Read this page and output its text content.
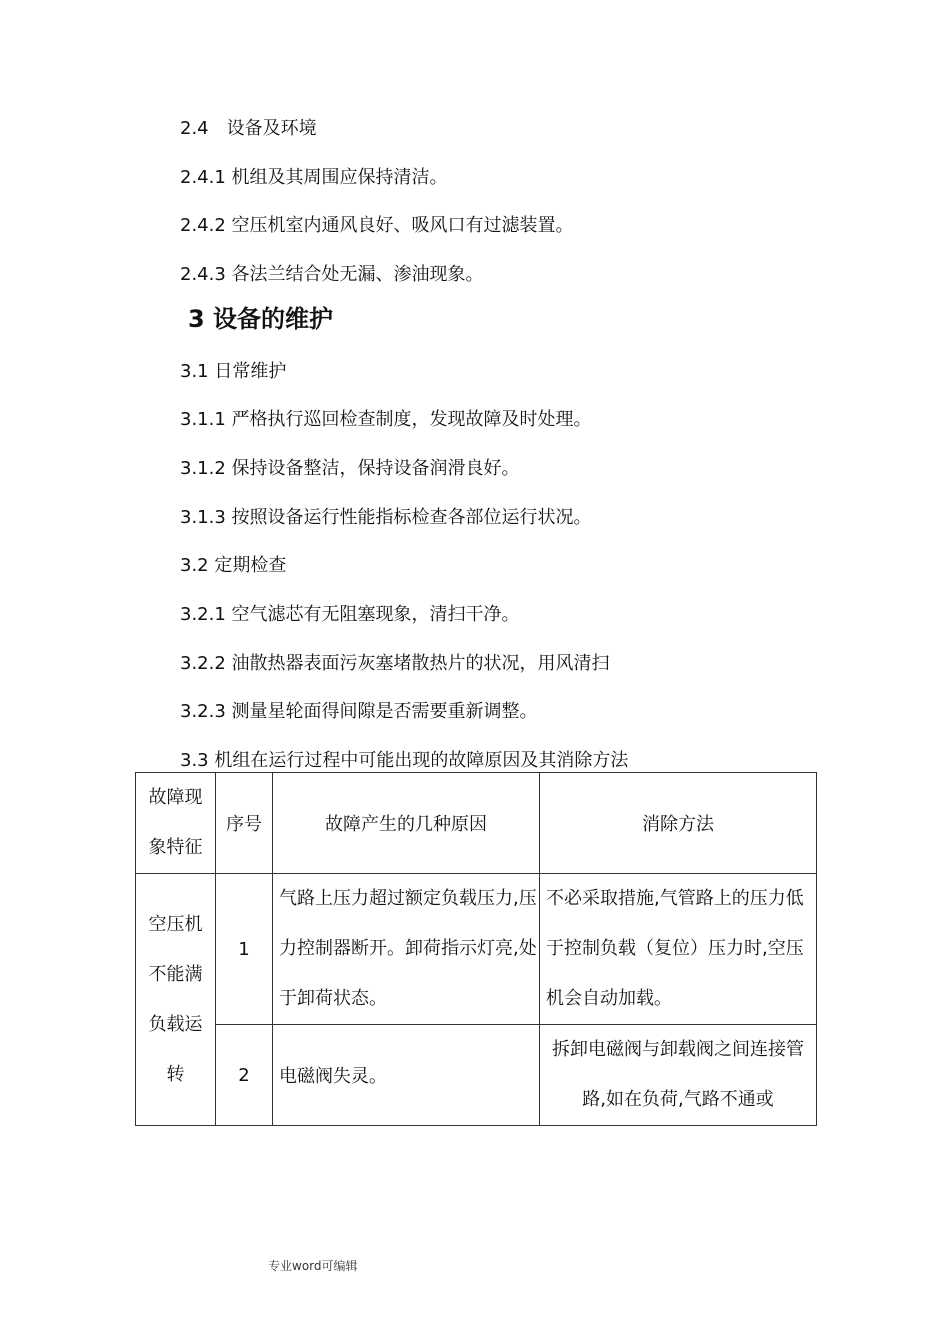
2.4　设备及环境
2.4.1 机组及其周围应保持清洁。
2.4.2 空压机室内通风良好、吸风口有过滤装置。
2.4.3 各法兰结合处无漏、渗油现象。
3 设备的维护
3.1 日常维护
3.1.1 严格执行巡回检查制度，发现故障及时处理。
3.1.2 保持设备整洁，保持设备润滑良好。
3.1.3 按照设备运行性能指标检查各部位运行状况。
3.2 定期检查
3.2.1 空气滤芯有无阻塞现象，清扫干净。
3.2.2 油散热器表面污灰塞堵散热片的状况，用风清扫
3.2.3 测量星轮面得间隙是否需要重新调整。
3.3 机组在运行过程中可能出现的故障原因及其消除方法
故障现象特征	序号	故障产生的几种原因	消除方法
空压机不能满负载运转	1	气路上压力超过额定负载压力,压力控制器断开。卸荷指示灯亮,处于卸荷状态。	不必采取措施,气管路上的压力低于控制负载（复位）压力时,空压机会自动加载。
	2	电磁阀失灵。	拆卸电磁阀与卸载阀之间连接管路,如在负荷,气路不通或
专业word可编辑
